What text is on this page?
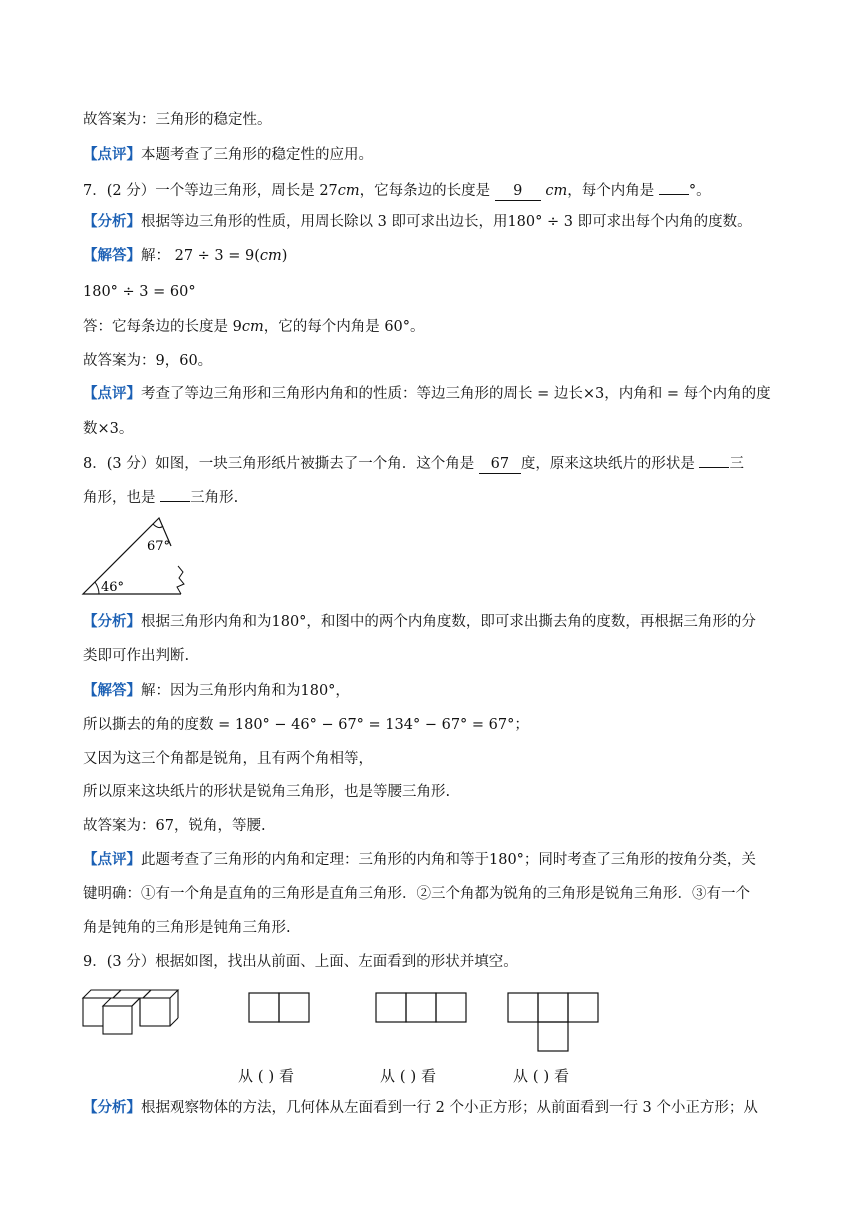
故答案为：三角形的稳定性。
【点评】本题考查了三角形的稳定性的应用。
7．(2 分）一个等边三角形，周长是 27cm，它每条边的长度是 9 cm，每个内角是 °。
【分析】根据等边三角形的性质，用周长除以 3 即可求出边长，用180° ÷ 3 即可求出每个内角的度数。
【解答】解： 27 ÷ 3 = 9(cm)
180° ÷ 3 = 60°
答：它每条边的长度是 9cm，它的每个内角是 60°。
故答案为：9，60。
【点评】考查了等边三角形和三角形内角和的性质：等边三角形的周长 = 边长×3，内角和 = 每个内角的度
数×3。
8．(3 分）如图，一块三角形纸片被撕去了一个角．这个角是 67 度，原来这块纸片的形状是 三
角形，也是 三角形.
67°
46°
【分析】根据三角形内角和为180°，和图中的两个内角度数，即可求出撕去角的度数，再根据三角形的分
类即可作出判断.
【解答】解：因为三角形内角和为180°，
所以撕去的角的度数 = 180° − 46° − 67° = 134° − 67° = 67°；
又因为这三个角都是锐角，且有两个角相等，
所以原来这块纸片的形状是锐角三角形，也是等腰三角形.
故答案为：67，锐角，等腰.
【点评】此题考查了三角形的内角和定理：三角形的内角和等于180°；同时考查了三角形的按角分类，关
键明确：①有一个角是直角的三角形是直角三角形．②三个角都为锐角的三角形是锐角三角形．③有一个
角是钝角的三角形是钝角三角形.
9．(3 分）根据如图，找出从前面、上面、左面看到的形状并填空。
从 ( ) 看	从 ( ) 看	从 ( ) 看
【分析】根据观察物体的方法，几何体从左面看到一行 2 个小正方形；从前面看到一行 3 个小正方形；从
